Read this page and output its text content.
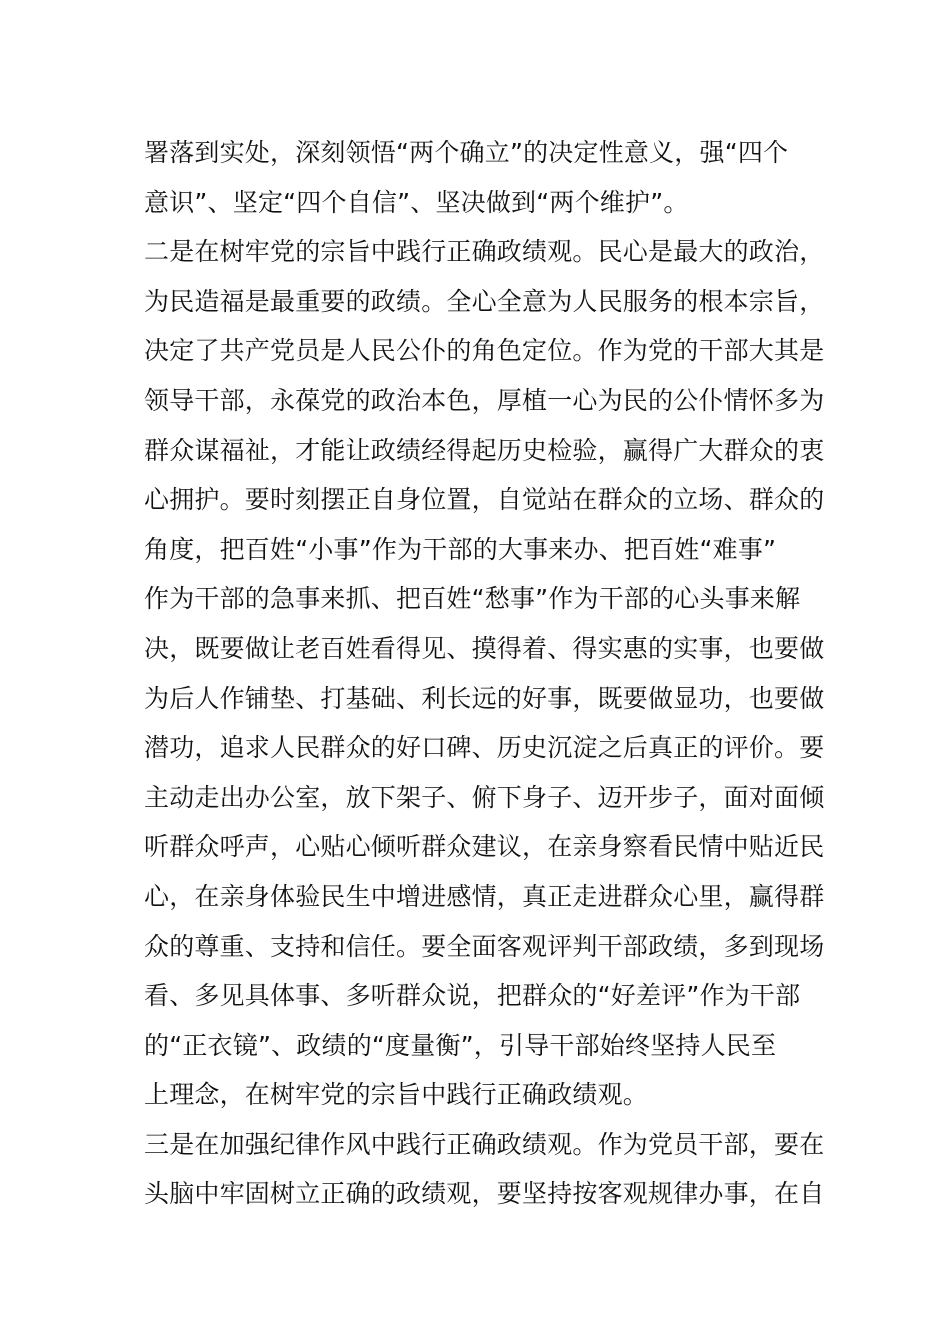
署落到实处，深刻领悟“两个确立”的决定性意义，强“四个
意识”、坚定“四个自信”、坚决做到“两个维护”。
二是在树牢党的宗旨中践行正确政绩观。民心是最大的政治，
为民造福是最重要的政绩。全心全意为人民服务的根本宗旨，
决定了共产党员是人民公仆的角色定位。作为党的干部大其是
领导干部，永葆党的政治本色，厚植一心为民的公仆情怀多为
群众谋福祉，才能让政绩经得起历史检验，赢得广大群众的衷
心拥护。要时刻摆正自身位置，自觉站在群众的立场、群众的
角度，把百姓“小事”作为干部的大事来办、把百姓“难事”
作为干部的急事来抓、把百姓“愁事”作为干部的心头事来解
决，既要做让老百姓看得见、摸得着、得实惠的实事，也要做
为后人作铺垫、打基础、利长远的好事，既要做显功，也要做
潜功，追求人民群众的好口碑、历史沉淀之后真正的评价。要
主动走出办公室，放下架子、俯下身子、迈开步子，面对面倾
听群众呼声，心贴心倾听群众建议，在亲身察看民情中贴近民
心，在亲身体验民生中增进感情，真正走进群众心里，赢得群
众的尊重、支持和信任。要全面客观评判干部政绩，多到现场
看、多见具体事、多听群众说，把群众的“好差评”作为干部
的“正衣镜”、政绩的“度量衡”，引导干部始终坚持人民至
上理念，在树牢党的宗旨中践行正确政绩观。
三是在加强纪律作风中践行正确政绩观。作为党员干部，要在
头脑中牢固树立正确的政绩观，要坚持按客观规律办事，在自
